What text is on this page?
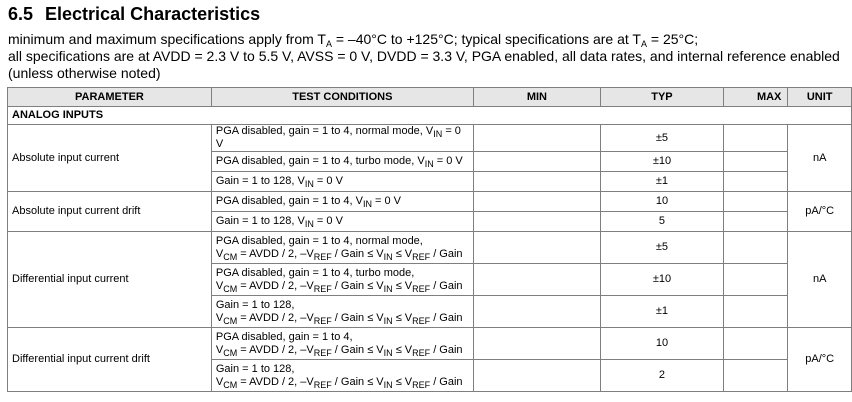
6.5 Electrical Characteristics

minimum and maximum specifications apply from $T_A = -40^\circ C$ to +125°C; typical specifications are at $T_A = 25^\circ C$;

all specifications are at AVDD = 2.3 V to 5.5 V, AVSS = 0 V, DVDD = 3.3 V, PGA enabled, all data rates, and internal reference enabled (unless otherwise noted)

PARAMETER	TEST CONDITIONS	MIN	TYP	MAX	UNIT
ANALOG INPUTS					
Absolute input current	PGA disabled, gain = 1 to 4, normal mode, $V_{IN} = 0$ V		±5		nA
	PGA disabled, gain = 1 to 4, turbo mode, $V_{IN} = 0$ V		±10		
	Gain = 1 to 128, $V_{IN} = 0$ V		±1		
Absolute input current drift	PGA disabled, gain = 1 to 4, $V_{IN} = 0$ V		10		pA/°C
	Gain = 1 to 128, $V_{IN} = 0$ V		5		
Differential input current	PGA disabled, gain = 1 to 4, normal mode,
$V_{CM}$ = AVDD / 2, $-V_{REF}$ / Gain ≤ $V_{IN} \le V_{REF}$ / Gain		±5		nA

	PGA disabled, gain = 1 to 4, turbo mode,
$V_{CM}$ = AVDD / 2, $-V_{REF}$ / Gain ≤ $V_{IN} \le V_{REF}$ / Gain		±10		

	Gain = 1 to 128,
$V_{CM}$ = AVDD / 2, $-V_{REF}$ / Gain ≤ $V_{IN} \le V_{REF}$ / Gain		±1		
Differential input current drift	PGA disabled, gain = 1 to 4,
$V_{CM}$ = AVDD / 2, $-V_{REF}$ / Gain ≤ $V_{IN} \le V_{REF}$ / Gain		10		pA/°C

	Gain = 1 to 128,
$V_{CM}$ = AVDD / 2, $-V_{REF}$ / Gain ≤ $V_{IN} \le V_{REF}$ / Gain		2		
